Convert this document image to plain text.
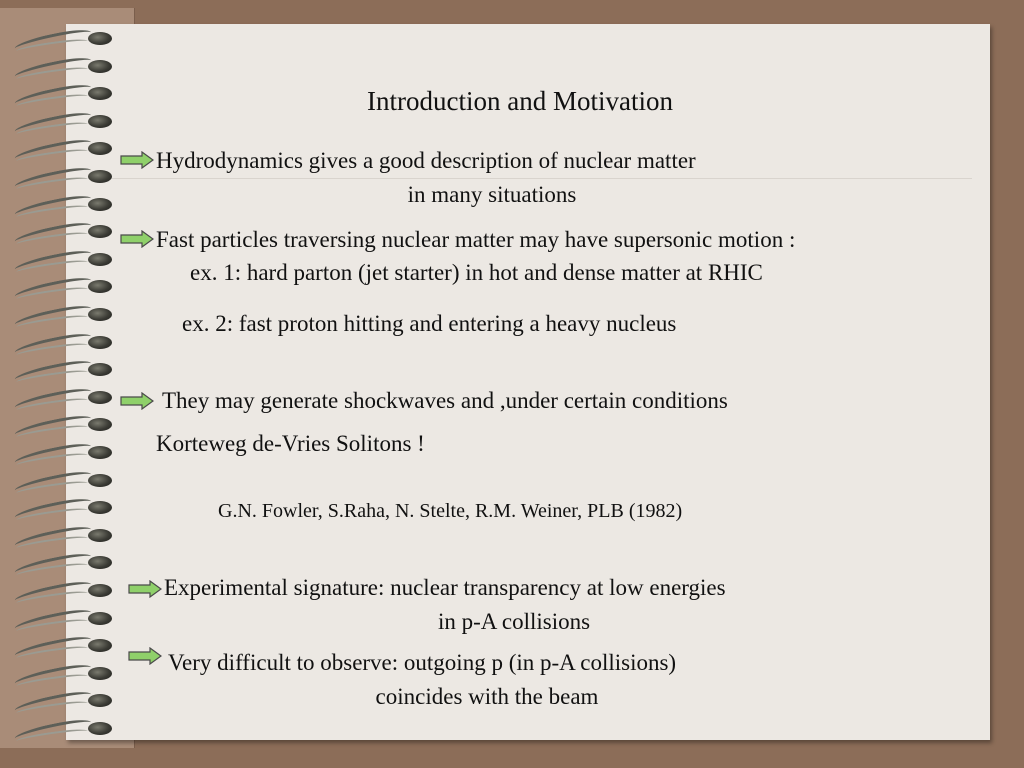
Introduction and Motivation
Hydrodynamics gives a good description of nuclear matter
in many situations
Fast particles traversing nuclear matter may have supersonic motion :
ex. 1: hard parton (jet starter) in hot and dense matter at RHIC
ex. 2: fast proton hitting and entering a heavy nucleus
They may generate shockwaves and ,under certain conditions
Korteweg de-Vries Solitons !
G.N. Fowler, S.Raha, N. Stelte, R.M. Weiner, PLB (1982)
Experimental signature: nuclear transparency at low energies
in p-A collisions
Very difficult to observe: outgoing p (in p-A collisions)
coincides with the beam
